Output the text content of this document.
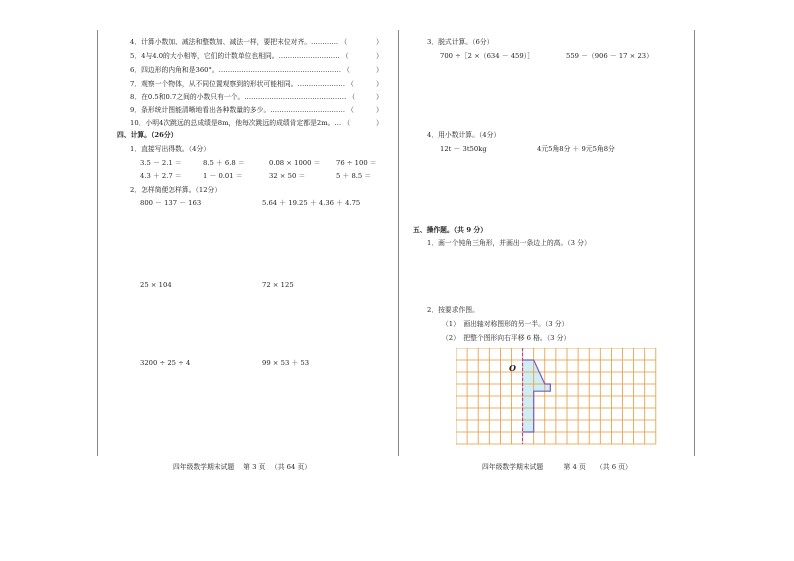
4．计算小数加、减法和整数加、减法一样，要把末位对齐。………… （	）
5．4与4.0的大小相等，它们的计数单位也相同。……………………… （	）
6．四边形的内角和是360°。……………………………………………… （	）
7．观察一个物体，从不同位置观察到的形状可能相同。………………… （	）
8．在0.5和0.7之间的小数只有一个。……………………………………… （	）
9．条形统计图能清晰地看出各种数量的多少。…………………………… （	）
10．小明4次跳远的总成绩是8m，他每次跳远的成绩肯定都是2m。… （	）
四、计算。（26分）
1．直接写出得数。（4分）
3.5 － 2.1 ＝	8.5 ＋ 6.8 ＝	0.08 × 1000 ＝ 76 ÷ 100 ＝
4.3 ＋ 2.7 ＝	1 － 0.01 ＝	32 × 50 ＝	5 ＋ 8.5 ＝
2．怎样简便怎样算。（12分）
800 － 137 － 163	5.64 ＋ 19.25 ＋ 4.36 ＋ 4.75
25 × 104	72 × 125
3200 ÷ 25 ÷ 4	99 × 53 ＋ 53
四年级数学期末试题　 第 3 页 　（共 64 页）
3．脱式计算。（6分）
700 ÷［2 ×（634 － 459）］	559 －（906 － 17 × 23）
4．用小数计算。（4分）
12t － 3t50kg	4元5角8分 ＋ 9元5角8分
五、操作题。（共 9 分）
1．画一个钝角三角形，并画出一条边上的高。（3 分）
2．按要求作图。
（1）　画出轴对称图形的另一半。（3 分）
（2）　把整个图形向右平移 6 格。（3 分）
O
四年级数学期末试题　　　第 4 页　　（共 6 页）
